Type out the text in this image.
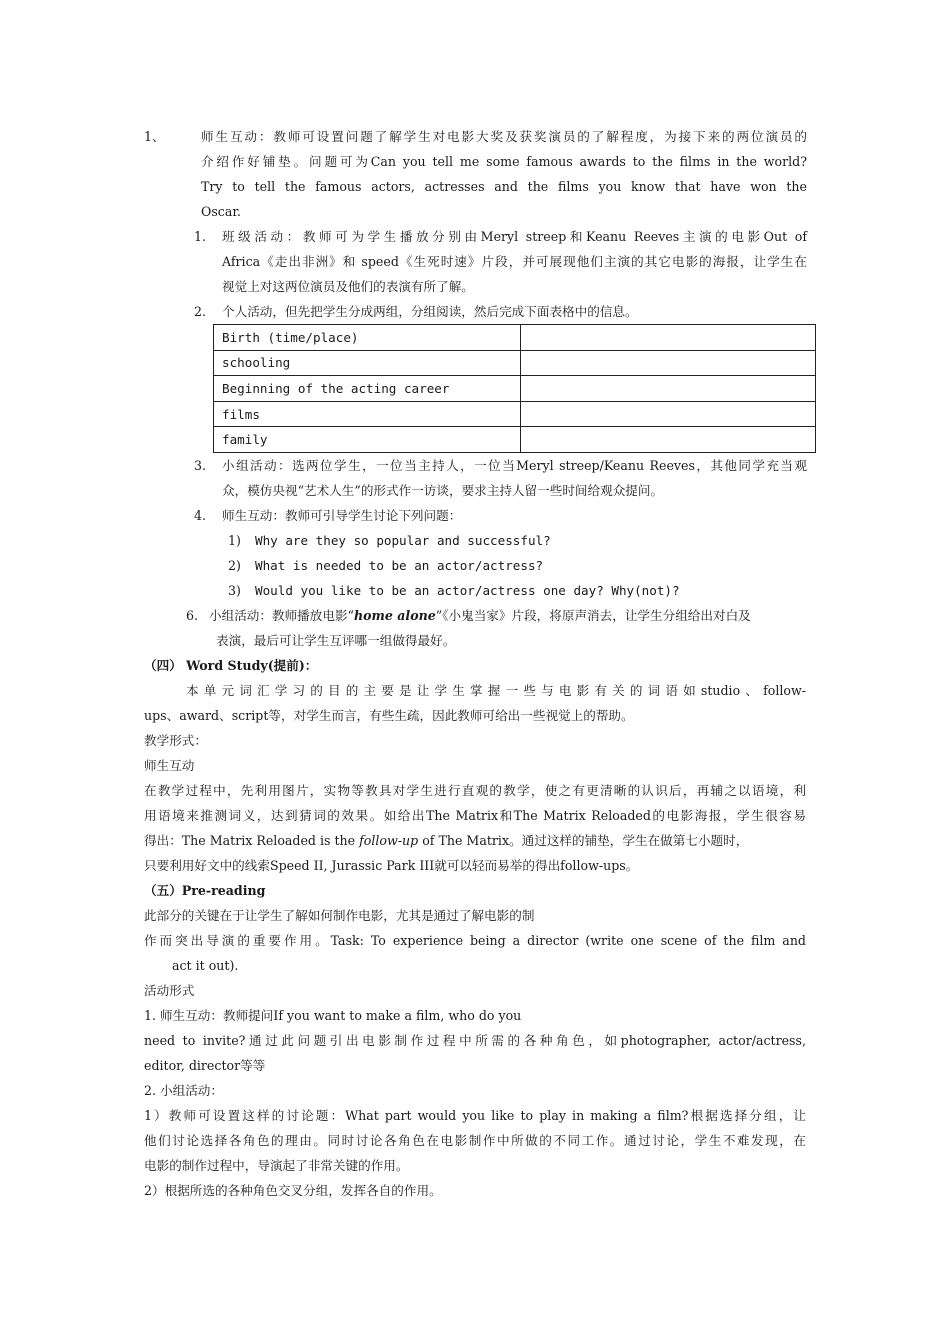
1、	师生互动：教师可设置问题了解学生对电影大奖及获奖演员的了解程度，为接下来的两位演员的
介绍作好铺垫。问题可为Can you tell me some famous awards to the films in the world?
Try to tell the famous actors, actresses and the films you know that have won the
Oscar.
1. 班级活动：教师可为学生播放分别由Meryl streep和Keanu Reeves主演的电影Out of
Africa《走出非洲》和 speed《生死时速》片段，并可展现他们主演的其它电影的海报，让学生在
视觉上对这两位演员及他们的表演有所了解。
2. 个人活动，但先把学生分成两组，分组阅读，然后完成下面表格中的信息。
Birth (time/place)	
schooling	
Beginning of the acting career	
films	
family	
3. 小组活动：选两位学生，一位当主持人，一位当Meryl streep/Keanu Reeves，其他同学充当观
众，模仿央视“艺术人生”的形式作一访谈，要求主持人留一些时间给观众提问。
4. 师生互动：教师可引导学生讨论下列问题：
1) Why are they so popular and successful?
2) What is needed to be an actor/actress?
3) Would you like to be an actor/actress one day? Why(not)?
6. 小组活动：教师播放电影“home alone”《小鬼当家》片段，将原声消去，让学生分组给出对白及
表演，最后可让学生互评哪一组做得最好。
（四） Word Study(提前)：
本单元词汇学习的目的主要是让学生掌握一些与电影有关的词语如studio、follow-
ups、award、script等，对学生而言，有些生疏，因此教师可给出一些视觉上的帮助。
教学形式：
师生互动
在教学过程中，先利用图片，实物等教具对学生进行直观的教学，使之有更清晰的认识后，再辅之以语境，利
用语境来推测词义，达到猜词的效果。如给出The Matrix和The Matrix Reloaded的电影海报，学生很容易
得出：The Matrix Reloaded is the follow-up of The Matrix。通过这样的铺垫，学生在做第七小题时，
只要利用好文中的线索Speed II, Jurassic Park III就可以轻而易举的得出follow-ups。
（五）Pre-reading
此部分的关键在于让学生了解如何制作电影，尤其是通过了解电影的制
作而突出导演的重要作用。Task: To experience being a director (write one scene of the film and
act it out).
活动形式
1. 师生互动：教师提问If you want to make a film, who do you
need to invite?通过此问题引出电影制作过程中所需的各种角色，如photographer, actor/actress,
editor, director等等
2. 小组活动：
1）教师可设置这样的讨论题：What part would you like to play in making a film?根据选择分组，让
他们讨论选择各角色的理由。同时讨论各角色在电影制作中所做的不同工作。通过讨论，学生不难发现，在
电影的制作过程中，导演起了非常关键的作用。
2）根据所选的各种角色交叉分组，发挥各自的作用。
